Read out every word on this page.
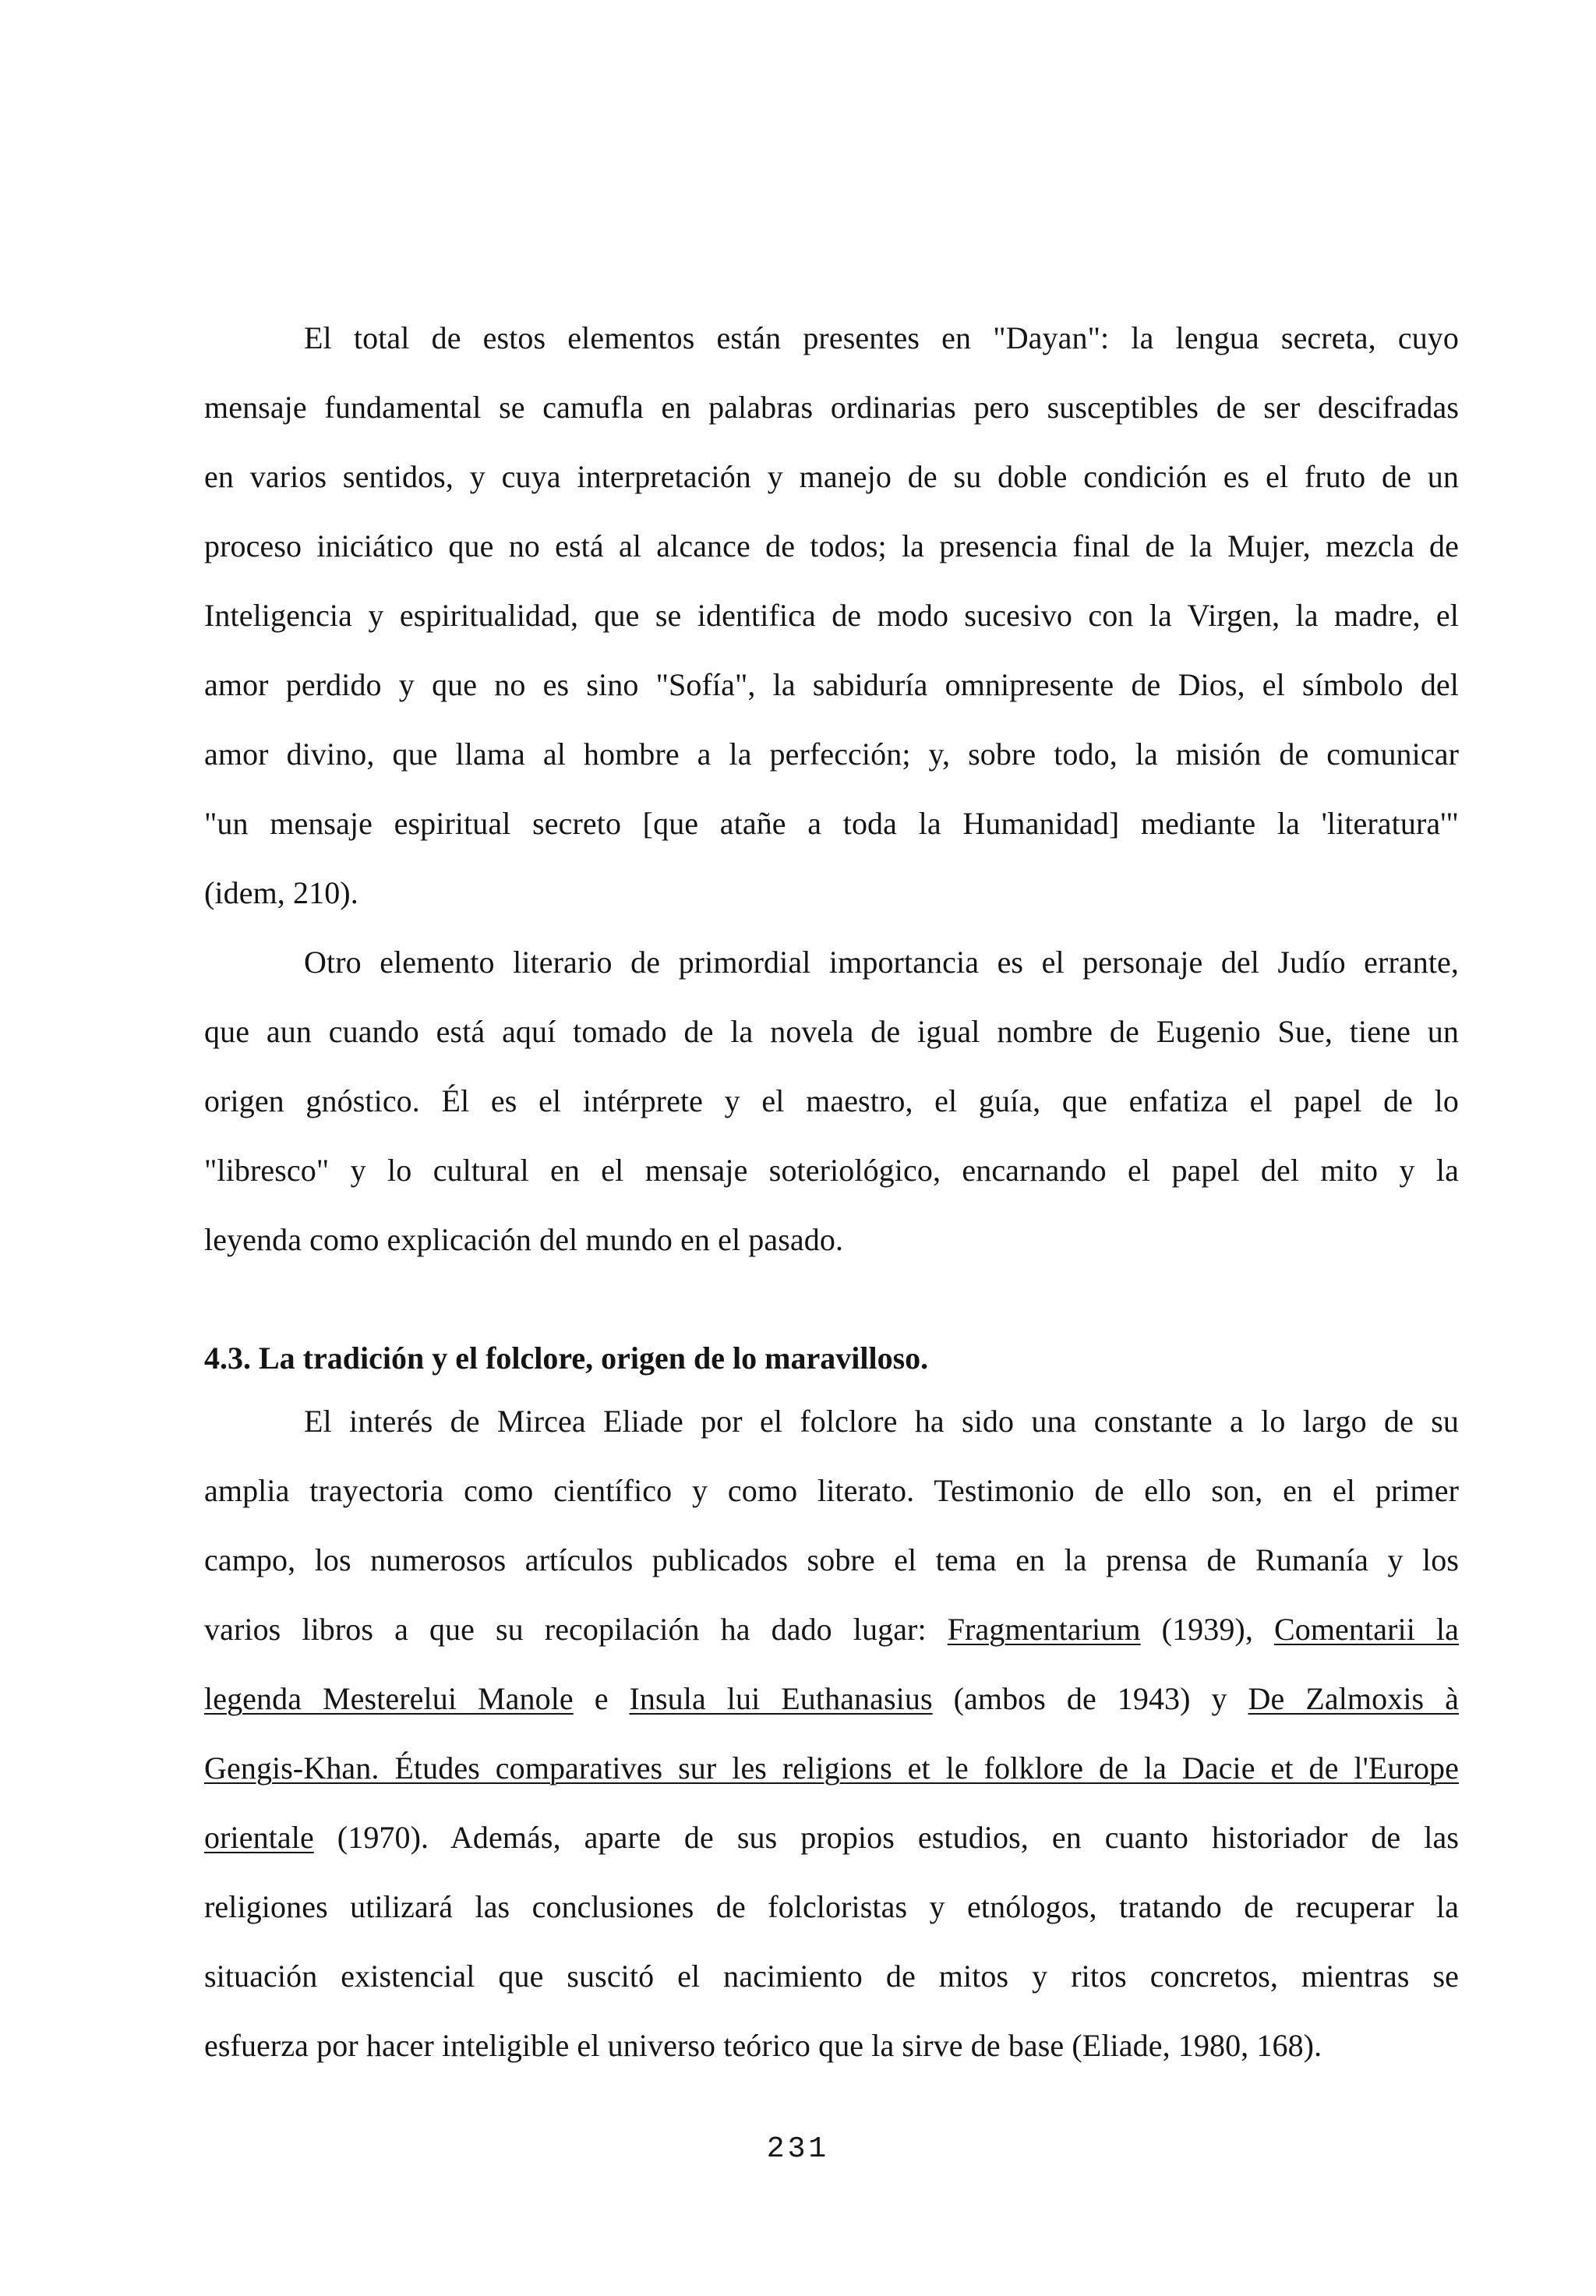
El total de estos elementos están presentes en "Dayan": la lengua secreta, cuyo
mensaje fundamental se camufla en palabras ordinarias pero susceptibles de ser descifradas
en varios sentidos, y cuya interpretación y manejo de su doble condición es el fruto de un
proceso iniciático que no está al alcance de todos; la presencia final de la Mujer, mezcla de
Inteligencia y espiritualidad, que se identifica de modo sucesivo con la Virgen, la madre, el
amor perdido y que no es sino "Sofía", la sabiduría omnipresente de Dios, el símbolo del
amor divino, que llama al hombre a la perfección; y, sobre todo, la misión de comunicar
"un mensaje espiritual secreto [que atañe a toda la Humanidad] mediante la 'literatura'"
(idem, 210).
Otro elemento literario de primordial importancia es el personaje del Judío errante,
que aun cuando está aquí tomado de la novela de igual nombre de Eugenio Sue, tiene un
origen gnóstico. Él es el intérprete y el maestro, el guía, que enfatiza el papel de lo
"libresco" y lo cultural en el mensaje soteriológico, encarnando el papel del mito y la
leyenda como explicación del mundo en el pasado.
4.3. La tradición y el folclore, origen de lo maravilloso.
El interés de Mircea Eliade por el folclore ha sido una constante a lo largo de su
amplia trayectoria como científico y como literato. Testimonio de ello son, en el primer
campo, los numerosos artículos publicados sobre el tema en la prensa de Rumanía y los
varios libros a que su recopilación ha dado lugar: Fragmentarium (1939), Comentarii la
legenda Mesterelui Manole e Insula lui Euthanasius (ambos de 1943) y De Zalmoxis à
Gengis-Khan. Études comparatives sur les religions et le folklore de la Dacie et de l'Europe
orientale (1970). Además, aparte de sus propios estudios, en cuanto historiador de las
religiones utilizará las conclusiones de folcloristas y etnólogos, tratando de recuperar la
situación existencial que suscitó el nacimiento de mitos y ritos concretos, mientras se
esfuerza por hacer inteligible el universo teórico que la sirve de base (Eliade, 1980, 168).
231
